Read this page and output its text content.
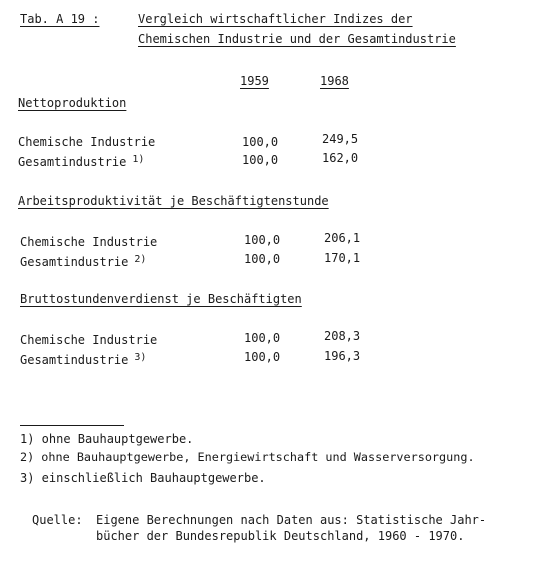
Tab. A 19 :	Vergleich wirtschaftlicher Indizes der
Chemischen Industrie und der Gesamtindustrie
1959	1968
Nettoproduktion
Chemische Industrie	100,0	249,5
Gesamtindustrie $^{1)}$	100,0	162,0
Arbeitsproduktivität je Beschäftigtenstunde
Chemische Industrie	100,0	206,1
Gesamtindustrie $^{2)}$	100,0	170,1
Bruttostundenverdienst je Beschäftigten
Chemische Industrie	100,0	208,3
Gesamtindustrie $^{3)}$	100,0	196,3
1) ohne Bauhauptgewerbe.
2) ohne Bauhauptgewerbe, Energiewirtschaft und Wasserversorgung.
3) einschließlich Bauhauptgewerbe.
Quelle: Eigene Berechnungen nach Daten aus: Statistische Jahr-
bücher der Bundesrepublik Deutschland, 1960 - 1970.
